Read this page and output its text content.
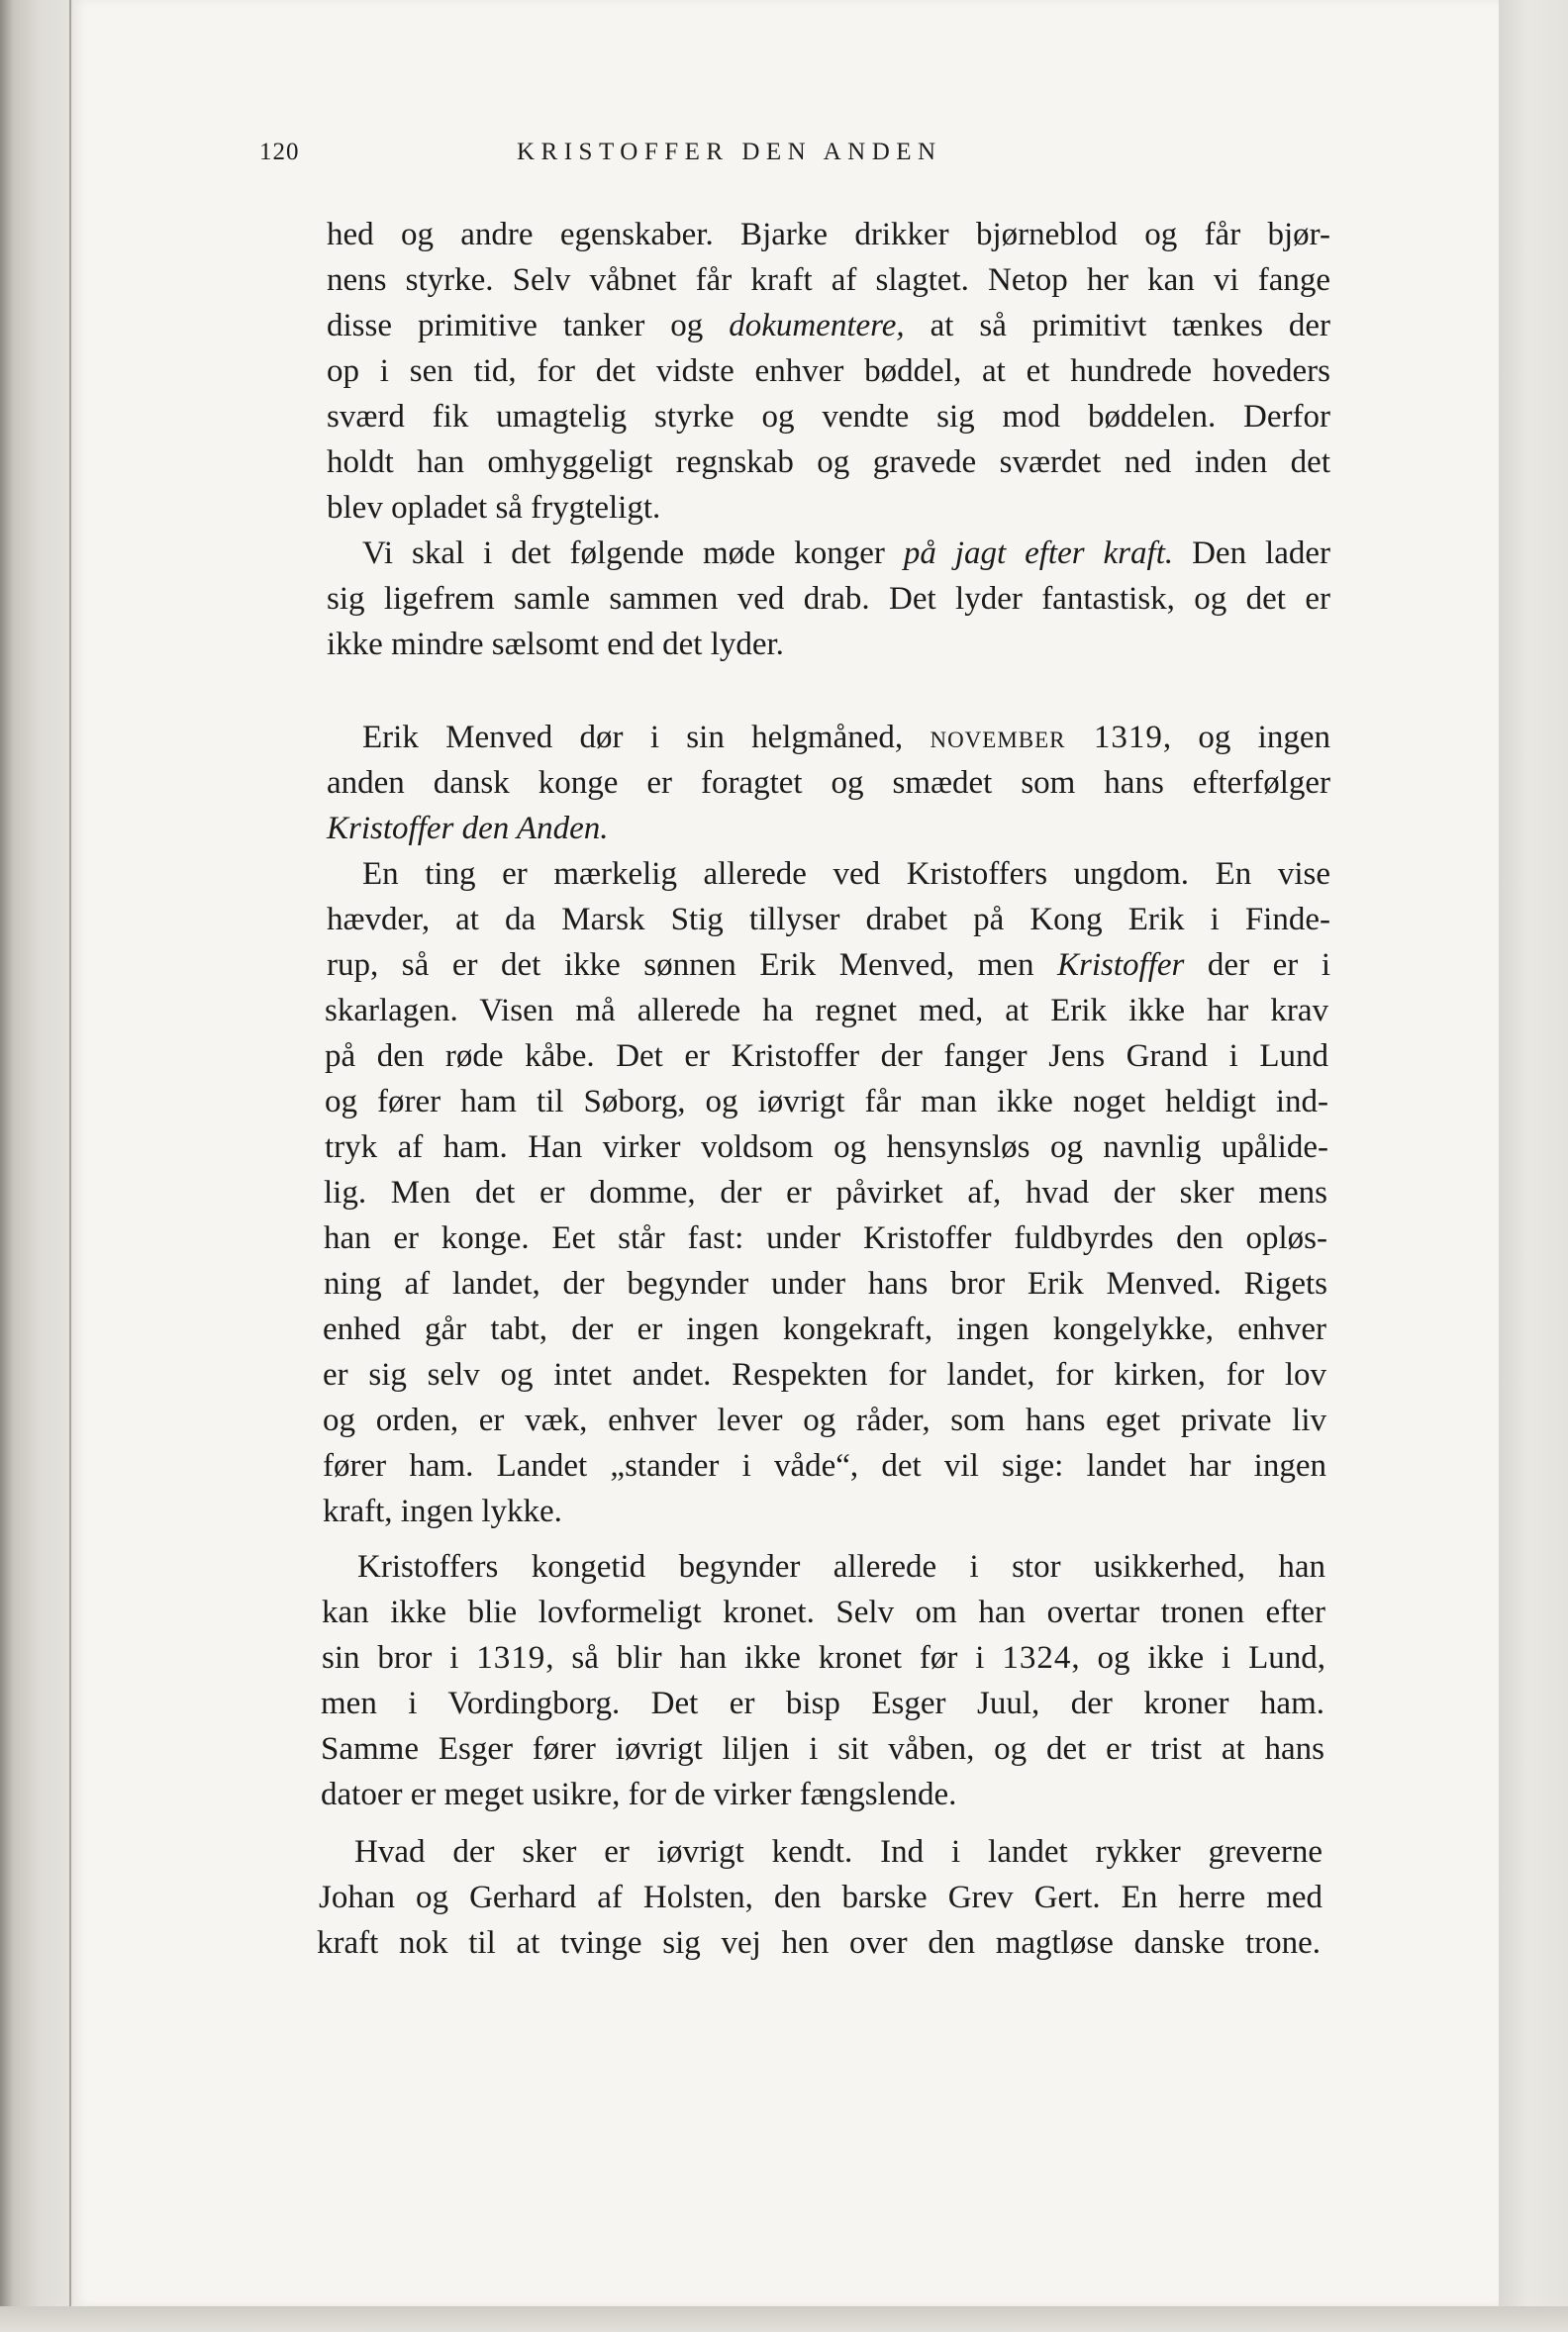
120	KRISTOFFER DEN ANDEN
hed og andre egenskaber. Bjarke drikker bjørneblod og får bjør-
nens styrke. Selv våbnet får kraft af slagtet. Netop her kan vi fange
disse primitive tanker og dokumentere, at så primitivt tænkes der
op i sen tid, for det vidste enhver bøddel, at et hundrede hoveders
sværd fik umagtelig styrke og vendte sig mod bøddelen. Derfor
holdt han omhyggeligt regnskab og gravede sværdet ned inden det
blev opladet så frygteligt.
Vi skal i det følgende møde konger på jagt efter kraft. Den lader
sig ligefrem samle sammen ved drab. Det lyder fantastisk, og det er
ikke mindre sælsomt end det lyder.
Erik Menved dør i sin helgmåned, november 1319, og ingen
anden dansk konge er foragtet og smædet som hans efterfølger
Kristoffer den Anden.
En ting er mærkelig allerede ved Kristoffers ungdom. En vise
hævder, at da Marsk Stig tillyser drabet på Kong Erik i Finde-
rup, så er det ikke sønnen Erik Menved, men Kristoffer der er i
skarlagen. Visen må allerede ha regnet med, at Erik ikke har krav
på den røde kåbe. Det er Kristoffer der fanger Jens Grand i Lund
og fører ham til Søborg, og iøvrigt får man ikke noget heldigt ind-
tryk af ham. Han virker voldsom og hensynsløs og navnlig upålide-
lig. Men det er domme, der er påvirket af, hvad der sker mens
han er konge. Eet står fast: under Kristoffer fuldbyrdes den opløs-
ning af landet, der begynder under hans bror Erik Menved. Rigets
enhed går tabt, der er ingen kongekraft, ingen kongelykke, enhver
er sig selv og intet andet. Respekten for landet, for kirken, for lov
og orden, er væk, enhver lever og råder, som hans eget private liv
fører ham. Landet „stander i våde“, det vil sige: landet har ingen
kraft, ingen lykke.
Kristoffers kongetid begynder allerede i stor usikkerhed, han
kan ikke blie lovformeligt kronet. Selv om han overtar tronen efter
sin bror i 1319, så blir han ikke kronet før i 1324, og ikke i Lund,
men i Vordingborg. Det er bisp Esger Juul, der kroner ham.
Samme Esger fører iøvrigt liljen i sit våben, og det er trist at hans
datoer er meget usikre, for de virker fængslende.
Hvad der sker er iøvrigt kendt. Ind i landet rykker greverne
Johan og Gerhard af Holsten, den barske Grev Gert. En herre med
kraft nok til at tvinge sig vej hen over den magtløse danske trone.
